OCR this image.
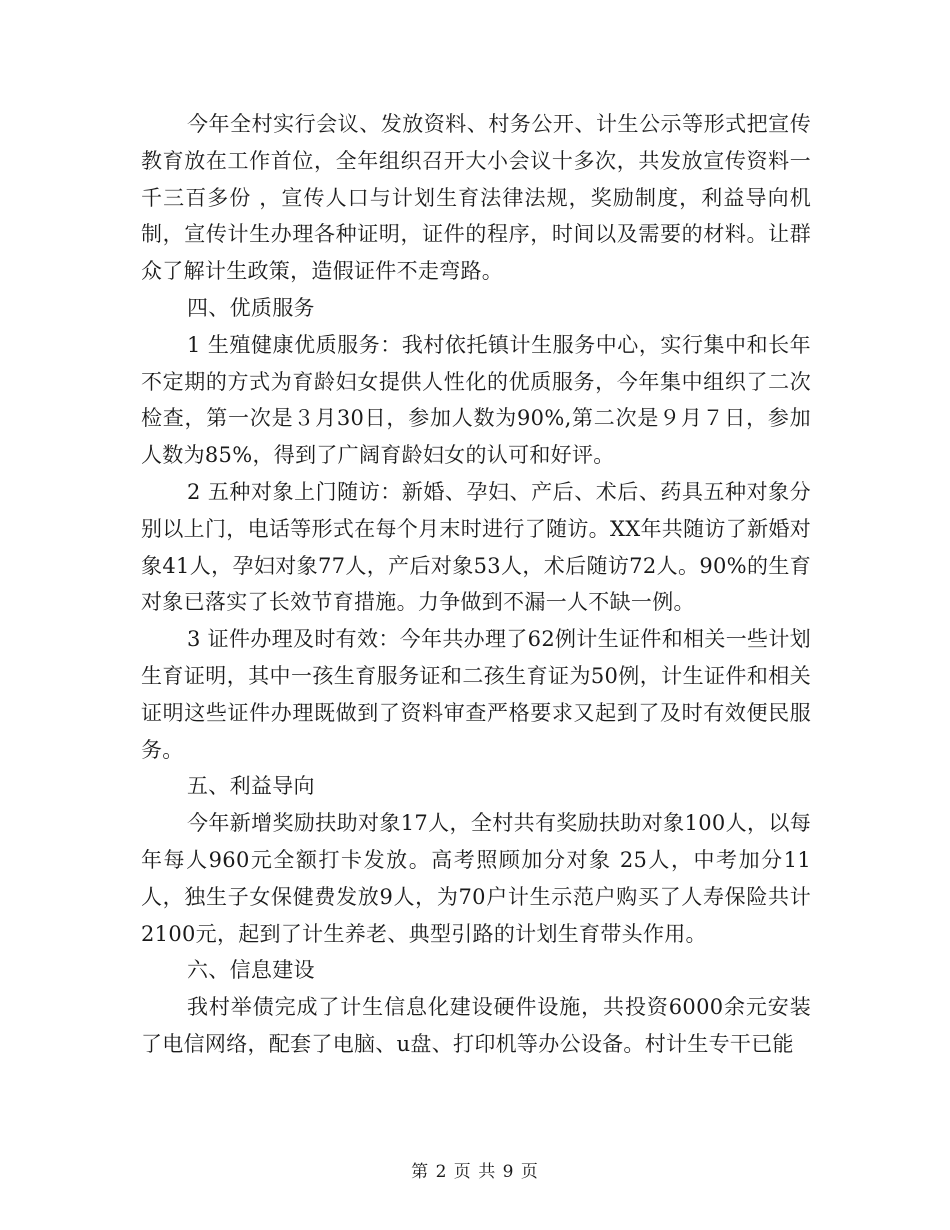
今年全村实行会议、发放资料、村务公开、计生公示等形式把宣传教育放在工作首位，全年组织召开大小会议十多次，共发放宣传资料一千三百多份 ，宣传人口与计划生育法律法规，奖励制度，利益导向机制，宣传计生办理各种证明，证件的程序，时间以及需要的材料。让群众了解计生政策，造假证件不走弯路。

四、优质服务

1 生殖健康优质服务：我村依托镇计生服务中心，实行集中和长年不定期的方式为育龄妇女提供人性化的优质服务，今年集中组织了二次检查，第一次是３月30日，参加人数为90%,第二次是９月７日，参加人数为85%，得到了广阔育龄妇女的认可和好评。

2 五种对象上门随访：新婚、孕妇、产后、术后、药具五种对象分别以上门，电话等形式在每个月末时进行了随访。XX年共随访了新婚对象41人，孕妇对象77人，产后对象53人，术后随访72人。90%的生育对象已落实了长效节育措施。力争做到不漏一人不缺一例。

3 证件办理及时有效：今年共办理了62例计生证件和相关一些计划生育证明，其中一孩生育服务证和二孩生育证为50例，计生证件和相关证明这些证件办理既做到了资料审查严格要求又起到了及时有效便民服务。

五、利益导向

今年新增奖励扶助对象17人，全村共有奖励扶助对象100人，以每年每人960元全额打卡发放。高考照顾加分对象 25人，中考加分11人，独生子女保健费发放9人，为70户计生示范户购买了人寿保险共计2100元，起到了计生养老、典型引路的计划生育带头作用。

六、信息建设

我村举债完成了计生信息化建设硬件设施，共投资6000余元安装了电信网络，配套了电脑、u盘、打印机等办公设备。村计生专干已能

第 2 页 共 9 页
